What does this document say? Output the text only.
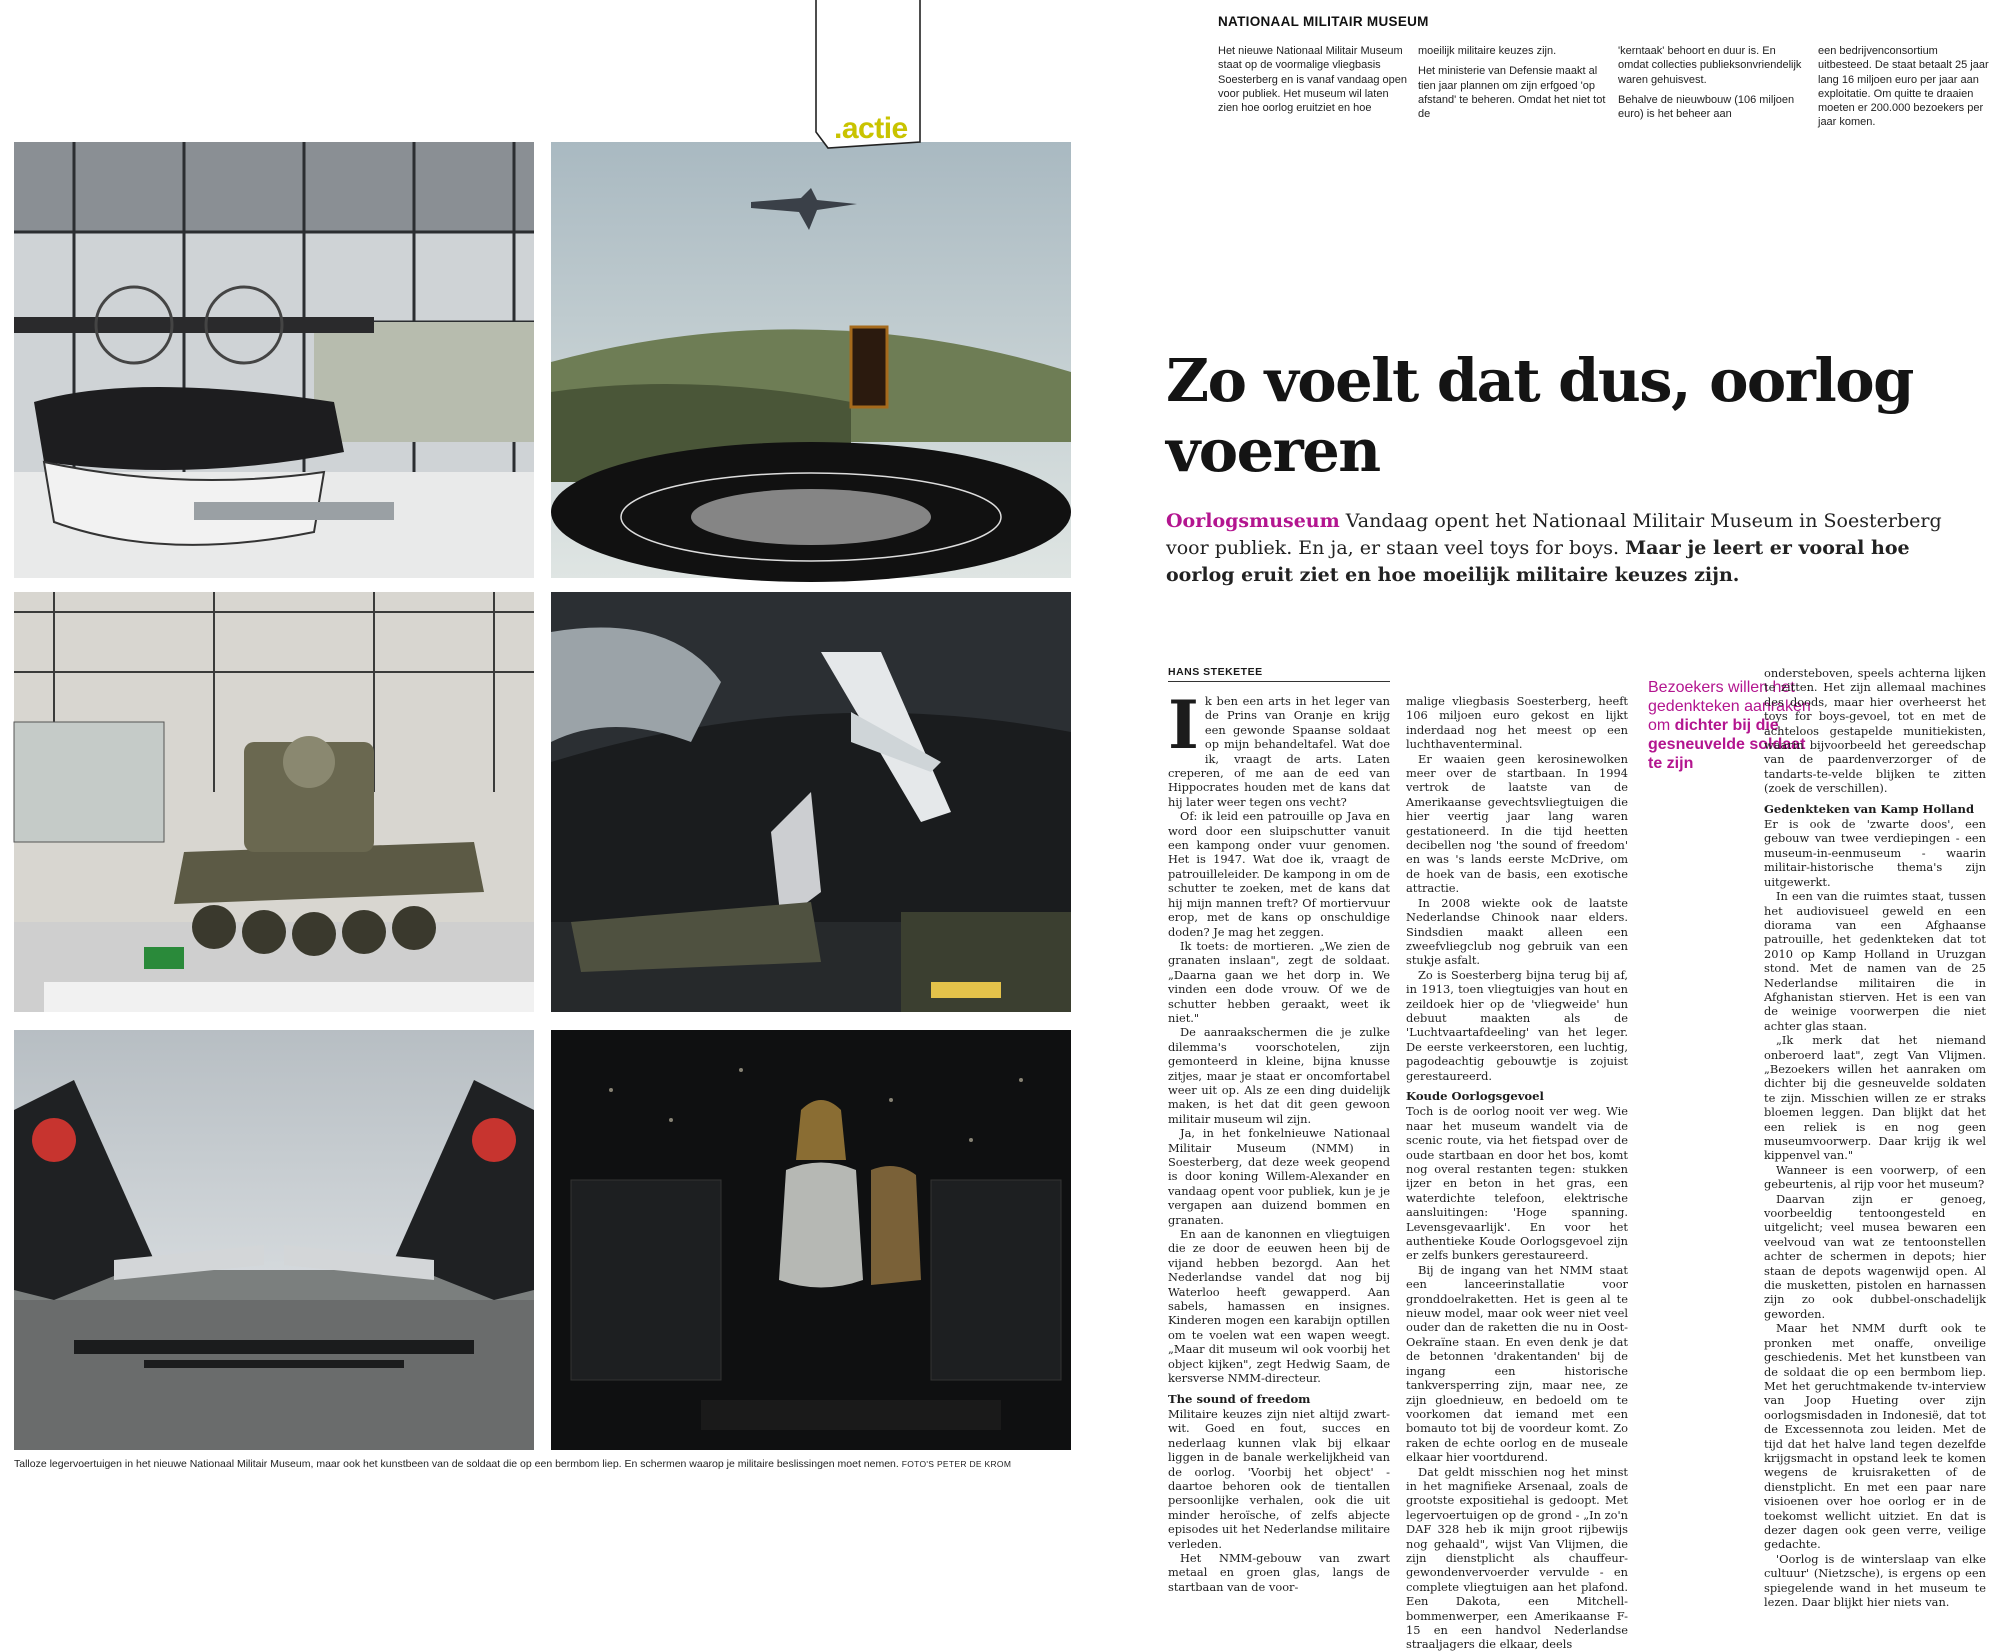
Talloze legervoertuigen in het nieuwe Nationaal Militair Museum, maar ook het kunstbeen van de soldaat die op een bermbom liep. En schermen waarop je militaire beslissingen moet nemen. FOTO'S PETER DE KROM
.actie
NATIONAAL MILITAIR MUSEUM

Het nieuwe Nationaal Militair Museum staat op de voormalige vliegbasis Soesterberg en is vanaf vandaag open voor publiek. Het museum wil laten zien hoe oorlog eruitziet en hoe

moeilijk militaire keuzes zijn.

Het ministerie van Defensie maakt al tien jaar plannen om zijn erfgoed 'op afstand' te beheren. Omdat het niet tot de

'kerntaak' behoort en duur is. En omdat collecties publieksonvriendelijk waren gehuisvest.

Behalve de nieuwbouw (106 miljoen euro) is het beheer aan

een bedrijvenconsortium uitbesteed. De staat betaalt 25 jaar lang 16 miljoen euro per jaar aan exploitatie. Om quitte te draaien moeten er 200.000 bezoekers per jaar komen.

Zo voelt dat dus, oorlog voeren
Oorlogsmuseum Vandaag opent het Nationaal Militair Museum in Soesterberg voor publiek. En ja, er staan veel toys for boys. Maar je leert er vooral hoe oorlog eruit ziet en hoe moeilijk militaire keuzes zijn.
HANS STEKETEE

Ik ben een arts in het leger van de Prins van Oranje en krijg een gewonde Spaanse soldaat op mijn behandeltafel. Wat doe ik, vraagt de arts. Laten creperen, of me aan de eed van Hippocrates houden met de kans dat hij later weer tegen ons vecht?

Of: ik leid een patrouille op Java en word door een sluipschutter vanuit een kampong onder vuur genomen. Het is 1947. Wat doe ik, vraagt de patrouilleleider. De kampong in om de schutter te zoeken, met de kans dat hij mijn mannen treft? Of mortiervuur erop, met de kans op onschuldige doden? Je mag het zeggen.

Ik toets: de mortieren. „We zien de granaten inslaan", zegt de soldaat. „Daarna gaan we het dorp in. We vinden een dode vrouw. Of we de schutter hebben geraakt, weet ik niet."

De aanraakschermen die je zulke dilemma's voorschotelen, zijn gemonteerd in kleine, bijna knusse zitjes, maar je staat er oncomfortabel weer uit op. Als ze een ding duidelijk maken, is het dat dit geen gewoon militair museum wil zijn.

Ja, in het fonkelnieuwe Nationaal Militair Museum (NMM) in Soesterberg, dat deze week geopend is door koning Willem-Alexander en vandaag opent voor publiek, kun je je vergapen aan duizend bommen en granaten.

En aan de kanonnen en vliegtuigen die ze door de eeuwen heen bij de vijand hebben bezorgd. Aan het Nederlandse vandel dat nog bij Waterloo heeft gewapperd. Aan sabels, hamassen en insignes. Kinderen mogen een karabijn optillen om te voelen wat een wapen weegt. „Maar dit museum wil ook voorbij het object kijken", zegt Hedwig Saam, de kersverse NMM-directeur.

The sound of freedom

Militaire keuzes zijn niet altijd zwart-wit. Goed en fout, succes en nederlaag kunnen vlak bij elkaar liggen in de banale werkelijkheid van de oorlog. 'Voorbij het object' - daartoe behoren ook de tientallen persoonlijke verhalen, ook die uit minder heroïsche, of zelfs abjecte episodes uit het Nederlandse militaire verleden.

Het NMM-gebouw van zwart metaal en groen glas, langs de startbaan van de voor-

malige vliegbasis Soesterberg, heeft 106 miljoen euro gekost en lijkt inderdaad nog het meest op een luchthaventerminal.

Er waaien geen kerosinewolken meer over de startbaan. In 1994 vertrok de laatste van de Amerikaanse gevechtsvliegtuigen die hier veertig jaar lang waren gestationeerd. In die tijd heetten decibellen nog 'the sound of freedom' en was 's lands eerste McDrive, om de hoek van de basis, een exotische attractie.

In 2008 wiekte ook de laatste Nederlandse Chinook naar elders. Sindsdien maakt alleen een zweefvliegclub nog gebruik van een stukje asfalt.

Zo is Soesterberg bijna terug bij af, in 1913, toen vliegtuigjes van hout en zeildoek hier op de 'vliegweide' hun debuut maakten als de 'Luchtvaartafdeeling' van het leger. De eerste verkeerstoren, een luchtig, pagodeachtig gebouwtje is zojuist gerestaureerd.

Koude Oorlogsgevoel

Toch is de oorlog nooit ver weg. Wie naar het museum wandelt via de scenic route, via het fietspad over de oude startbaan en door het bos, komt nog overal restanten tegen: stukken ijzer en beton in het gras, een waterdichte telefoon, elektrische aansluitingen: 'Hoge spanning. Levensgevaarlijk'. En voor het authentieke Koude Oorlogsgevoel zijn er zelfs bunkers gerestaureerd.

Bij de ingang van het NMM staat een lanceerinstallatie voor gronddoelraketten. Het is geen al te nieuw model, maar ook weer niet veel ouder dan de raketten die nu in Oost-Oekraïne staan. En even denk je dat de betonnen 'drakentanden' bij de ingang een historische tankversperring zijn, maar nee, ze zijn gloednieuw, en bedoeld om te voorkomen dat iemand met een bomauto tot bij de voordeur komt. Zo raken de echte oorlog en de museale elkaar hier voortdurend.

Dat geldt misschien nog het minst in het magnifieke Arsenaal, zoals de grootste expositiehal is gedoopt. Met legervoertuigen op de grond - „In zo'n DAF 328 heb ik mijn groot rijbewijs nog gehaald", wijst Van Vlijmen, die zijn dienstplicht als chauffeur-gewondenvervoerder vervulde - en complete vliegtuigen aan het plafond. Een Dakota, een Mitchell-bommenwerper, een Amerikaanse F-15 en een handvol Nederlandse straaljagers die elkaar, deels

Bezoekers willen het gedenkteken aanraken om dichter bij die gesneuvelde soldaat te zijn

ondersteboven, speels achterna lijken te zitten. Het zijn allemaal machines des doods, maar hier overheerst het toys for boys-gevoel, tot en met de achteloos gestapelde munitiekisten, waarin bijvoorbeeld het gereedschap van de paardenverzorger of de tandarts-te-velde blijken te zitten (zoek de verschillen).

Gedenkteken van Kamp Holland

Er is ook de 'zwarte doos', een gebouw van twee verdiepingen - een museum-in-eenmuseum - waarin militair-historische thema's zijn uitgewerkt.

In een van die ruimtes staat, tussen het audiovisueel geweld en een diorama van een Afghaanse patrouille, het gedenkteken dat tot 2010 op Kamp Holland in Uruzgan stond. Met de namen van de 25 Nederlandse militairen die in Afghanistan stierven. Het is een van de weinige voorwerpen die niet achter glas staan.

„Ik merk dat het niemand onberoerd laat", zegt Van Vlijmen. „Bezoekers willen het aanraken om dichter bij die gesneuvelde soldaten te zijn. Misschien willen ze er straks bloemen leggen. Dan blijkt dat het een reliek is en nog geen museumvoorwerp. Daar krijg ik wel kippenvel van."

Wanneer is een voorwerp, of een gebeurtenis, al rijp voor het museum?

Daarvan zijn er genoeg, voorbeeldig tentoongesteld en uitgelicht; veel musea bewaren een veelvoud van wat ze tentoonstellen achter de schermen in depots; hier staan de depots wagenwijd open. Al die musketten, pistolen en harnassen zijn zo ook dubbel-onschadelijk geworden.

Maar het NMM durft ook te pronken met onaffe, onveilige geschiedenis. Met het kunstbeen van de soldaat die op een bermbom liep. Met het geruchtmakende tv-interview van Joop Hueting over zijn oorlogsmisdaden in Indonesië, dat tot de Excessennota zou leiden. Met de tijd dat het halve land tegen dezelfde krijgsmacht in opstand leek te komen wegens de kruisraketten of de dienstplicht. En met een paar nare visioenen over hoe oorlog er in de toekomst wellicht uitziet. En dat is dezer dagen ook geen verre, veilige gedachte.

'Oorlog is de winterslaap van elke cultuur' (Nietzsche), is ergens op een spiegelende wand in het museum te lezen. Daar blijkt hier niets van.
